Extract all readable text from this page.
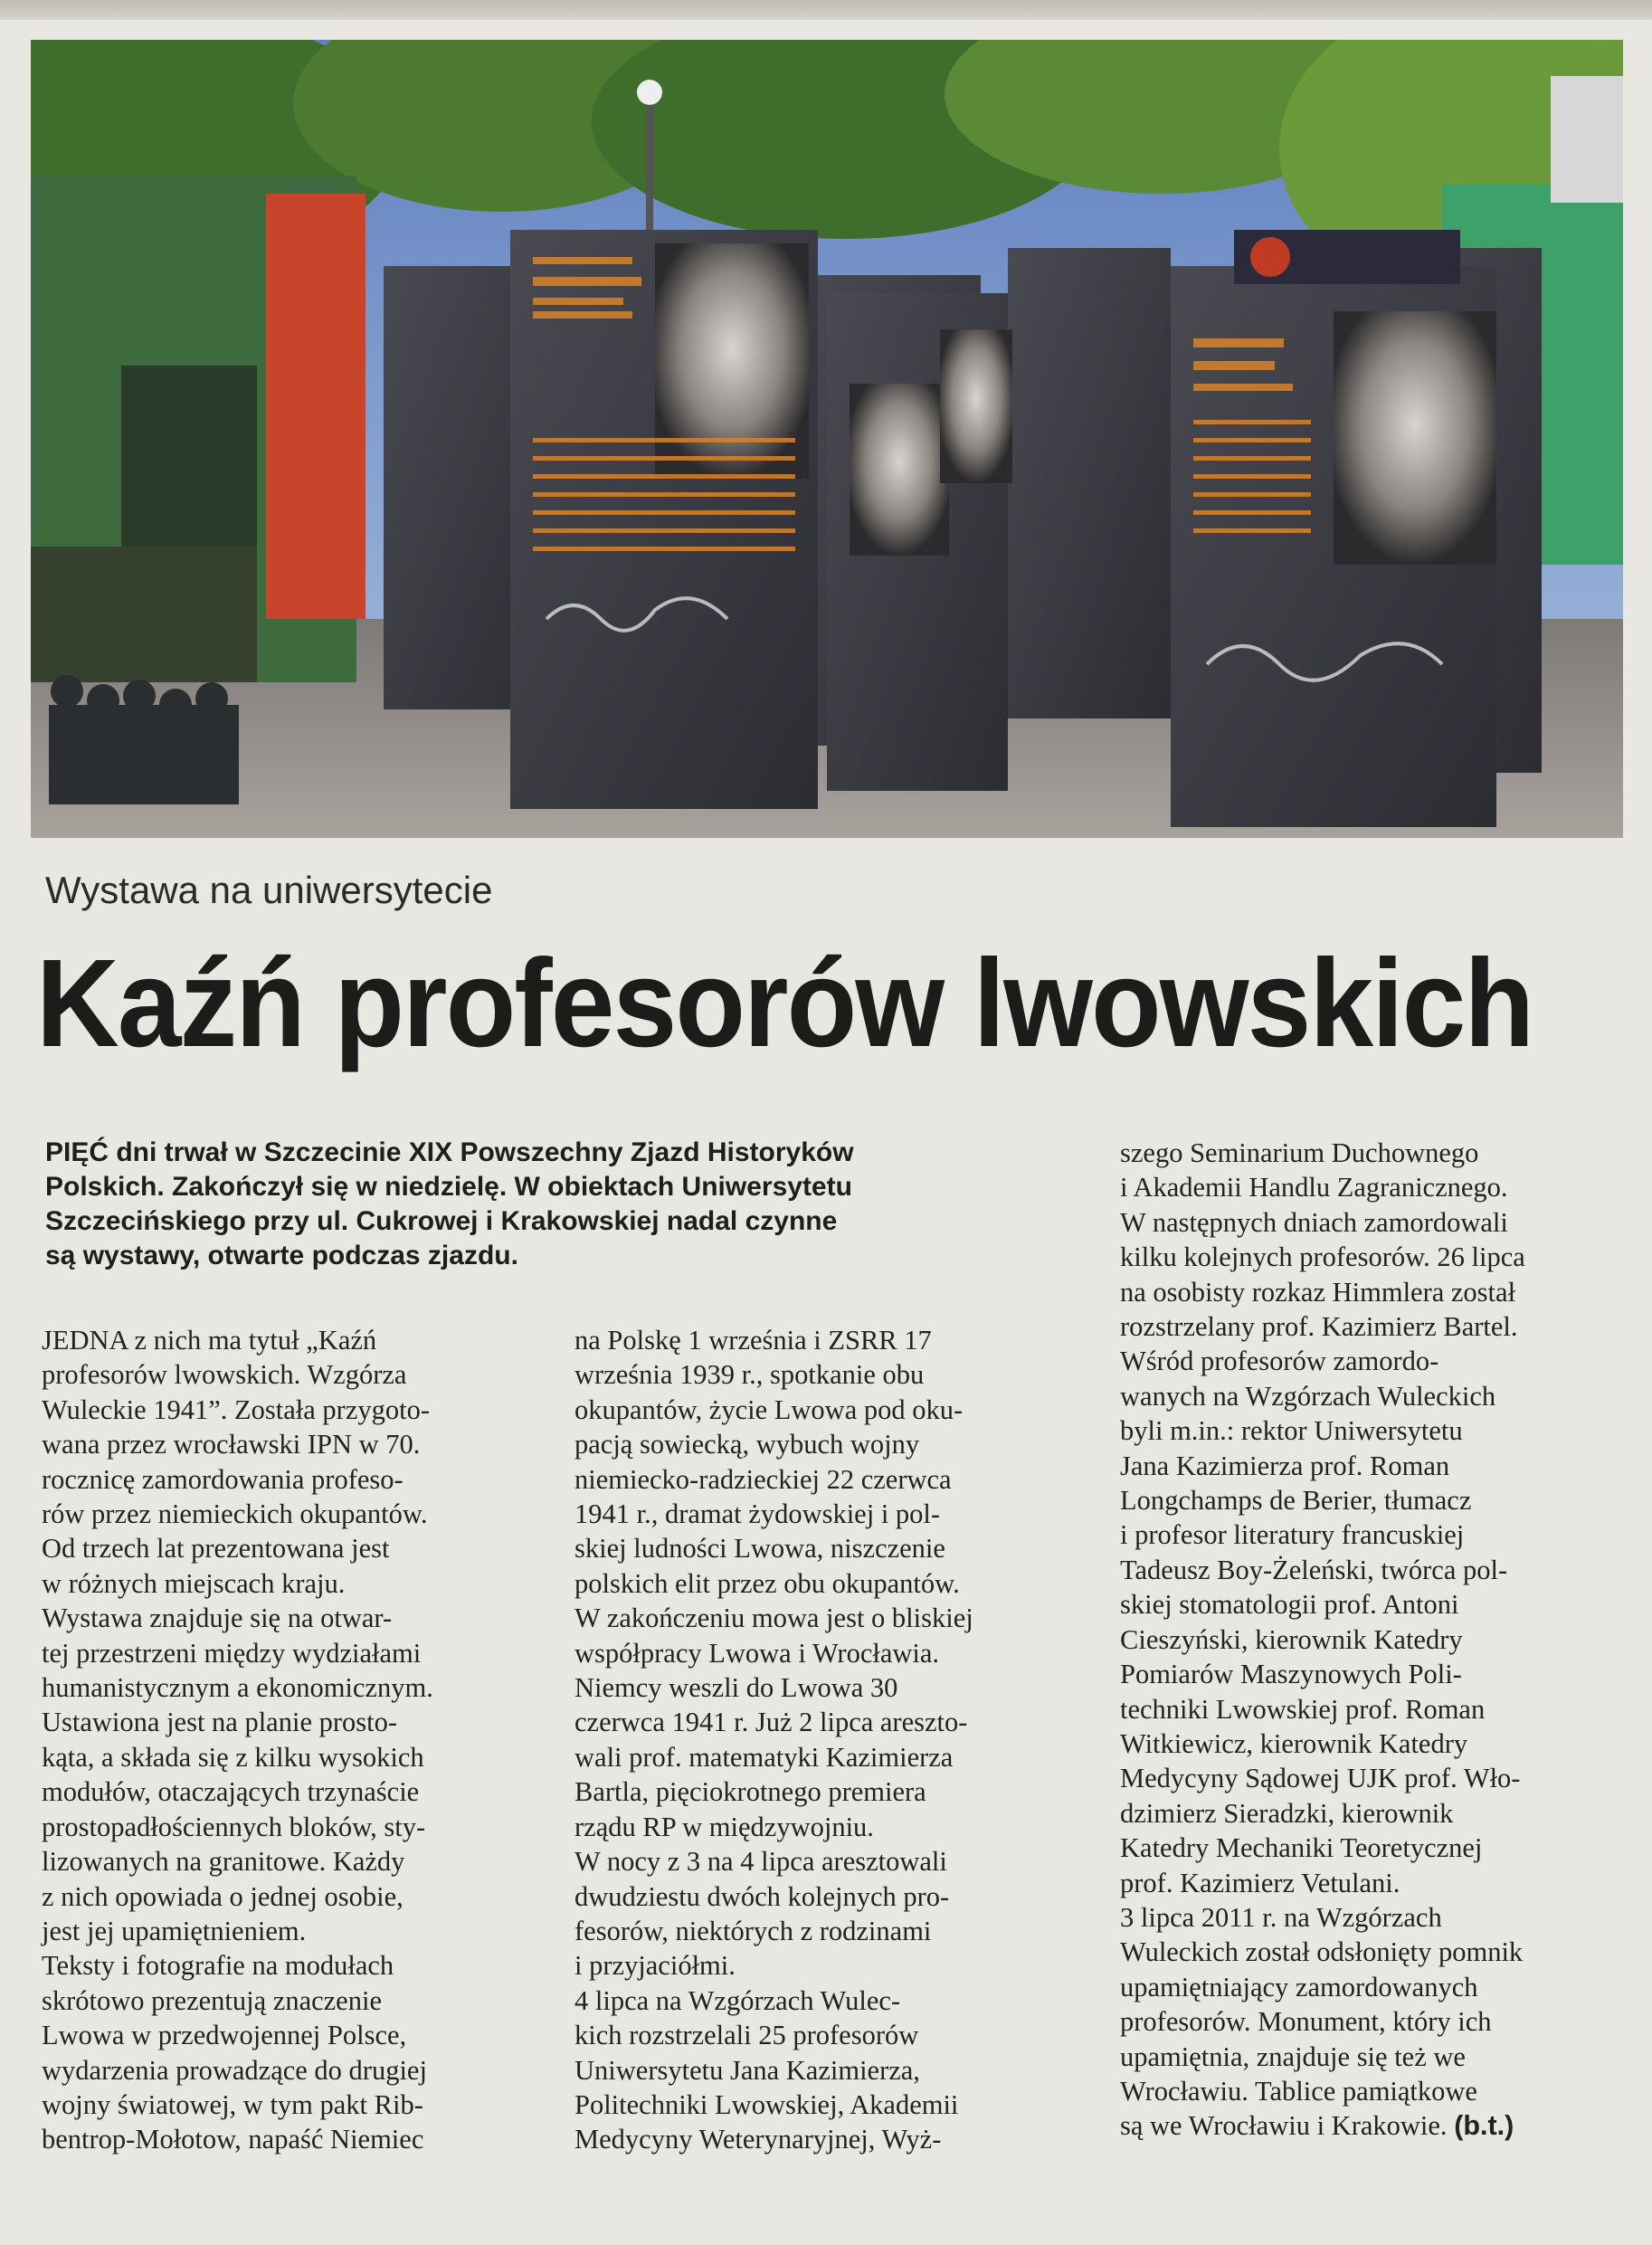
Wystawa na uniwersytecie
Kaźń profesorów lwowskich

PIĘĆ dni trwał w Szczecinie XIX Powszechny Zjazd Historyków

Polskich. Zakończył się w niedzielę. W obiektach Uniwersytetu

Szczecińskiego przy ul. Cukrowej i Krakowskiej nadal czynne

są wystawy, otwarte podczas zjazdu.

JEDNA z nich ma tytuł „Kaźń

profesorów lwowskich. Wzgórza

Wuleckie 1941”. Została przygoto-

wana przez wrocławski IPN w 70.

rocznicę zamordowania profeso-

rów przez niemieckich okupantów.

Od trzech lat prezentowana jest

w różnych miejscach kraju.

Wystawa znajduje się na otwar-

tej przestrzeni między wydziałami

humanistycznym a ekonomicznym.

Ustawiona jest na planie prosto-

kąta, a składa się z kilku wysokich

modułów, otaczających trzynaście

prostopadłościennych bloków, sty-

lizowanych na granitowe. Każdy

z nich opowiada o jednej osobie,

jest jej upamiętnieniem.

Teksty i fotografie na modułach

skrótowo prezentują znaczenie

Lwowa w przedwojennej Polsce,

wydarzenia prowadzące do drugiej

wojny światowej, w tym pakt Rib-

bentrop-Mołotow, napaść Niemiec

na Polskę 1 września i ZSRR 17

września 1939 r., spotkanie obu

okupantów, życie Lwowa pod oku-

pacją sowiecką, wybuch wojny

niemiecko-radzieckiej 22 czerwca

1941 r., dramat żydowskiej i pol-

skiej ludności Lwowa, niszczenie

polskich elit przez obu okupantów.

W zakończeniu mowa jest o bliskiej

współpracy Lwowa i Wrocławia.

Niemcy weszli do Lwowa 30

czerwca 1941 r. Już 2 lipca areszto-

wali prof. matematyki Kazimierza

Bartla, pięciokrotnego premiera

rządu RP w międzywojniu.

W nocy z 3 na 4 lipca aresztowali

dwudziestu dwóch kolejnych pro-

fesorów, niektórych z rodzinami

i przyjaciółmi.

4 lipca na Wzgórzach Wulec-

kich rozstrzelali 25 profesorów

Uniwersytetu Jana Kazimierza,

Politechniki Lwowskiej, Akademii

Medycyny Weterynaryjnej, Wyż-

szego Seminarium Duchownego

i Akademii Handlu Zagranicznego.

W następnych dniach zamordowali

kilku kolejnych profesorów. 26 lipca

na osobisty rozkaz Himmlera został

rozstrzelany prof. Kazimierz Bartel.

Wśród profesorów zamordo-

wanych na Wzgórzach Wuleckich

byli m.in.: rektor Uniwersytetu

Jana Kazimierza prof. Roman

Longchamps de Berier, tłumacz

i profesor literatury francuskiej

Tadeusz Boy-Żeleński, twórca pol-

skiej stomatologii prof. Antoni

Cieszyński, kierownik Katedry

Pomiarów Maszynowych Poli-

techniki Lwowskiej prof. Roman

Witkiewicz, kierownik Katedry

Medycyny Sądowej UJK prof. Wło-

dzimierz Sieradzki, kierownik

Katedry Mechaniki Teoretycznej

prof. Kazimierz Vetulani.

3 lipca 2011 r. na Wzgórzach

Wuleckich został odsłonięty pomnik

upamiętniający zamordowanych

profesorów. Monument, który ich

upamiętnia, znajduje się też we

Wrocławiu. Tablice pamiątkowe

są we Wrocławiu i Krakowie. (b.t.)
